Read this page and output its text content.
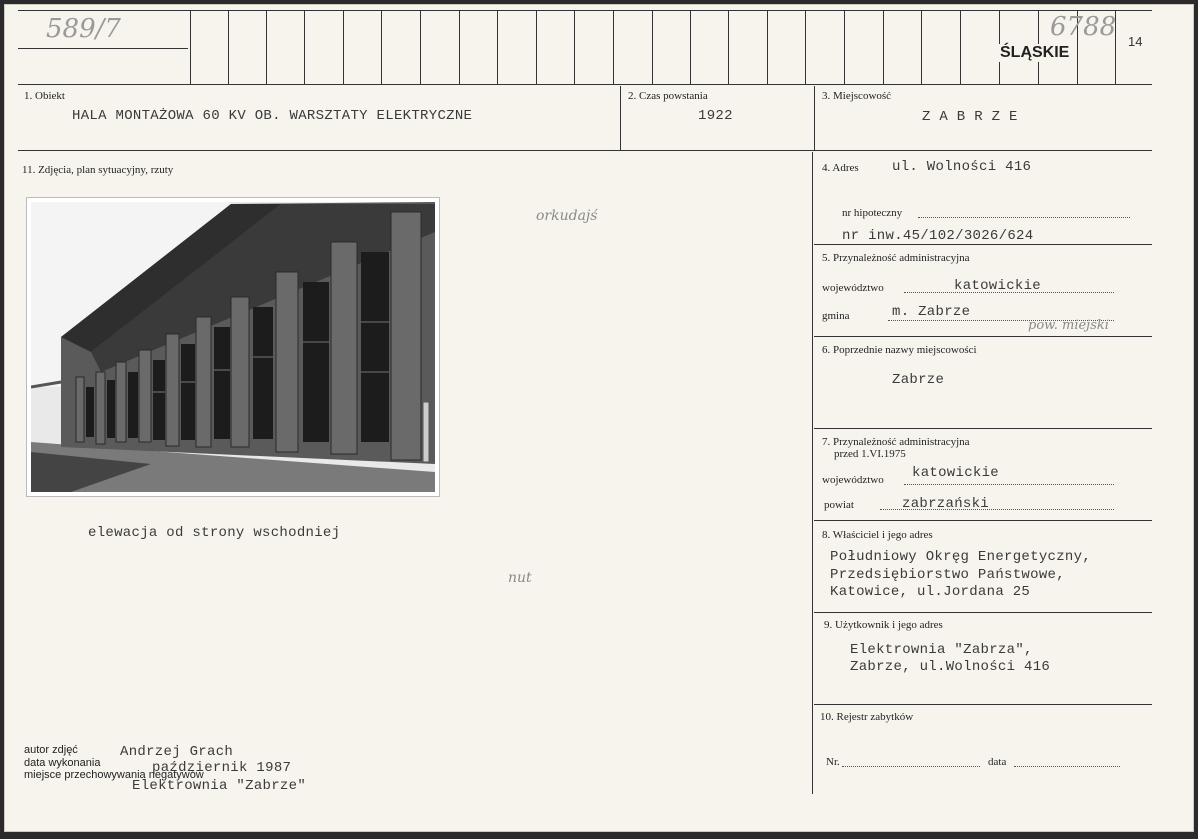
589/7	6788
ŚLĄSKIE
14
1. Obiekt
HALA MONTAŻOWA 60 KV OB. WARSZTATY ELEKTRYCZNE
2. Czas powstania
1922
3. Miejscowość
Z A B R Z E
11. Zdjęcia, plan sytuacyjny, rzuty
elewacja od strony wschodniej
orkudajś
nut
autor zdjęć	Andrzej Grach
data wykonania	październik 1987
miejsce przechowywania negatywów
Elektrownia "Zabrze"
4. Adres ul. Wolności 416
nr hipoteczny
nr inw.45/102/3026/624
5. Przynależność administracyjna
województwo	katowickie
gmina	m. Zabrze
pow. miejski
6. Poprzednie nazwy miejscowości
Zabrze
7. Przynależność administracyjna
przed 1.VI.1975
województwo katowickie
powiat	zabrzański
8. Właściciel i jego adres
Południowy Okręg Energetyczny,
Przedsiębiorstwo Państwowe,
Katowice, ul.Jordana 25
9. Użytkownik i jego adres
Elektrownia "Zabrza",
Zabrze, ul.Wolności 416
10. Rejestr zabytków
Nr.	data
